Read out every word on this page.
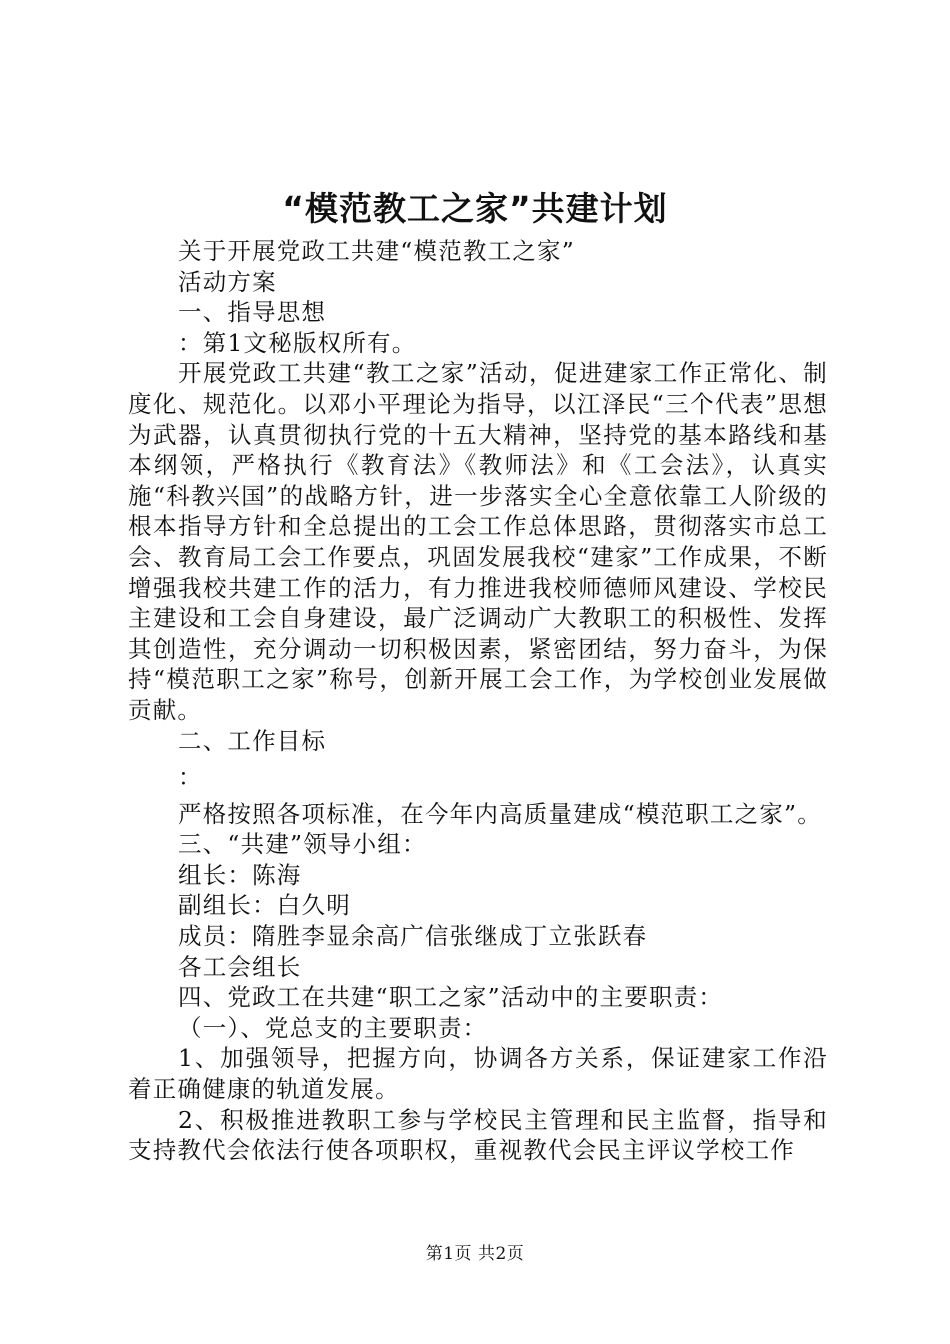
“模范教工之家”共建计划

关于开展党政工共建“模范教工之家”

活动方案

一、指导思想

：第1文秘版权所有。

开展党政工共建“教工之家”活动，促进建家工作正常化、制度化、规范化。以邓小平理论为指导，以江泽民“三个代表”思想为武器，认真贯彻执行党的十五大精神，坚持党的基本路线和基本纲领，严格执行《教育法》《教师法》和《工会法》，认真实施“科教兴国”的战略方针，进一步落实全心全意依靠工人阶级的根本指导方针和全总提出的工会工作总体思路，贯彻落实市总工会、教育局工会工作要点，巩固发展我校“建家”工作成果，不断增强我校共建工作的活力，有力推进我校师德师风建设、学校民主建设和工会自身建设，最广泛调动广大教职工的积极性、发挥其创造性，充分调动一切积极因素，紧密团结，努力奋斗，为保持“模范职工之家”称号，创新开展工会工作，为学校创业发展做贡献。

二、工作目标

：

严格按照各项标准，在今年内高质量建成“模范职工之家”。

三、“共建”领导小组：

组长：陈海

副组长：白久明

成员：隋胜李显余高广信张继成丁立张跃春

各工会组长

四、党政工在共建“职工之家”活动中的主要职责：

（一）、党总支的主要职责：

1、加强领导，把握方向，协调各方关系，保证建家工作沿着正确健康的轨道发展。

2、积极推进教职工参与学校民主管理和民主监督，指导和支持教代会依法行使各项职权，重视教代会民主评议学校工作

第1页 共2页
